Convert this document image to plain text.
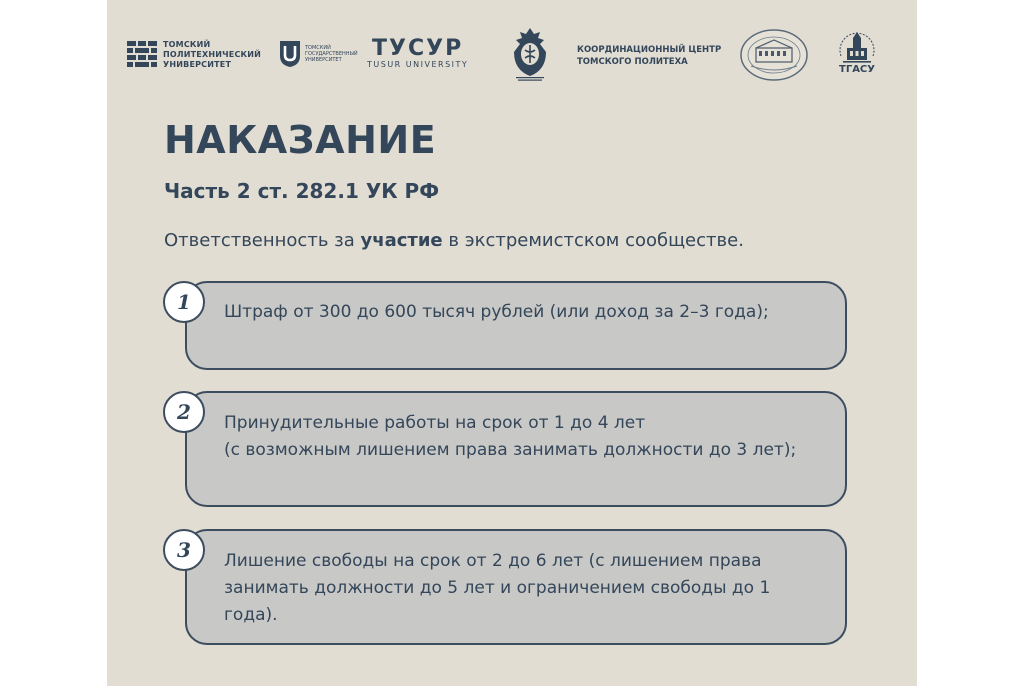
ТОМСКИЙ
ПОЛИТЕХНИЧЕСКИЙ
УНИВЕРСИТЕТ
ТОМСКИЙ
ГОСУДАРСТВЕННЫЙ
УНИВЕРСИТЕТ	ТУСУР
TUSUR UNIVERSITY
КООРДИНАЦИОННЫЙ ЦЕНТР
ТОМСКОГО ПОЛИТЕХА
ТГАСУ
НАКАЗАНИЕ
Часть 2 ст. 282.1 УК РФ
Ответственность за участие в экстремистском сообществе.

Штраф от 300 до 600 тысяч рублей (или доход за 2–3 года);

1

Принудительные работы на срок от 1 до 4 лет
(с возможным лишением права занимать должности до 3 лет);

2

Лишение свободы на срок от 2 до 6 лет (с лишением права занимать должности до 5 лет и ограничением свободы до 1 года).

3
